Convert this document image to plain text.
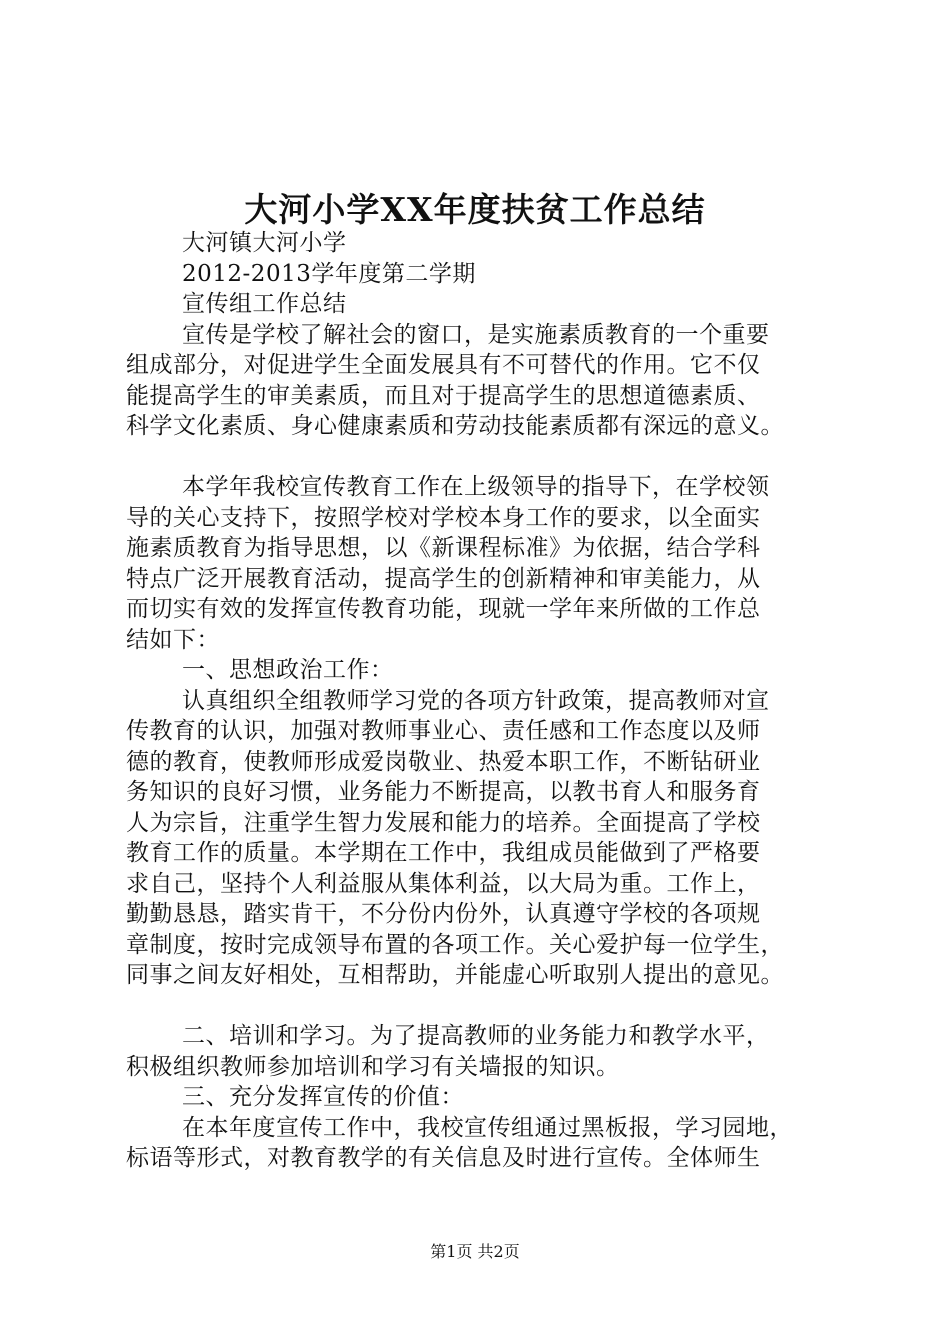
大河小学XX年度扶贫工作总结
大河镇大河小学
2012-2013学年度第二学期
宣传组工作总结
宣传是学校了解社会的窗口，是实施素质教育的一个重要
组成部分，对促进学生全面发展具有不可替代的作用。它不仅
能提高学生的审美素质，而且对于提高学生的思想道德素质、
科学文化素质、身心健康素质和劳动技能素质都有深远的意义。
本学年我校宣传教育工作在上级领导的指导下，在学校领
导的关心支持下，按照学校对学校本身工作的要求，以全面实
施素质教育为指导思想，以《新课程标准》为依据，结合学科
特点广泛开展教育活动，提高学生的创新精神和审美能力，从
而切实有效的发挥宣传教育功能，现就一学年来所做的工作总
结如下：
一、思想政治工作：
认真组织全组教师学习党的各项方针政策，提高教师对宣
传教育的认识，加强对教师事业心、责任感和工作态度以及师
德的教育，使教师形成爱岗敬业、热爱本职工作，不断钻研业
务知识的良好习惯，业务能力不断提高，以教书育人和服务育
人为宗旨，注重学生智力发展和能力的培养。全面提高了学校
教育工作的质量。本学期在工作中，我组成员能做到了严格要
求自己，坚持个人利益服从集体利益，以大局为重。工作上，
勤勤恳恳，踏实肯干，不分份内份外，认真遵守学校的各项规
章制度，按时完成领导布置的各项工作。关心爱护每一位学生，
同事之间友好相处，互相帮助，并能虚心听取别人提出的意见。
二、培训和学习。为了提高教师的业务能力和教学水平，
积极组织教师参加培训和学习有关墙报的知识。
三、充分发挥宣传的价值：
在本年度宣传工作中，我校宣传组通过黑板报，学习园地，
标语等形式，对教育教学的有关信息及时进行宣传。全体师生
第1页 共2页
